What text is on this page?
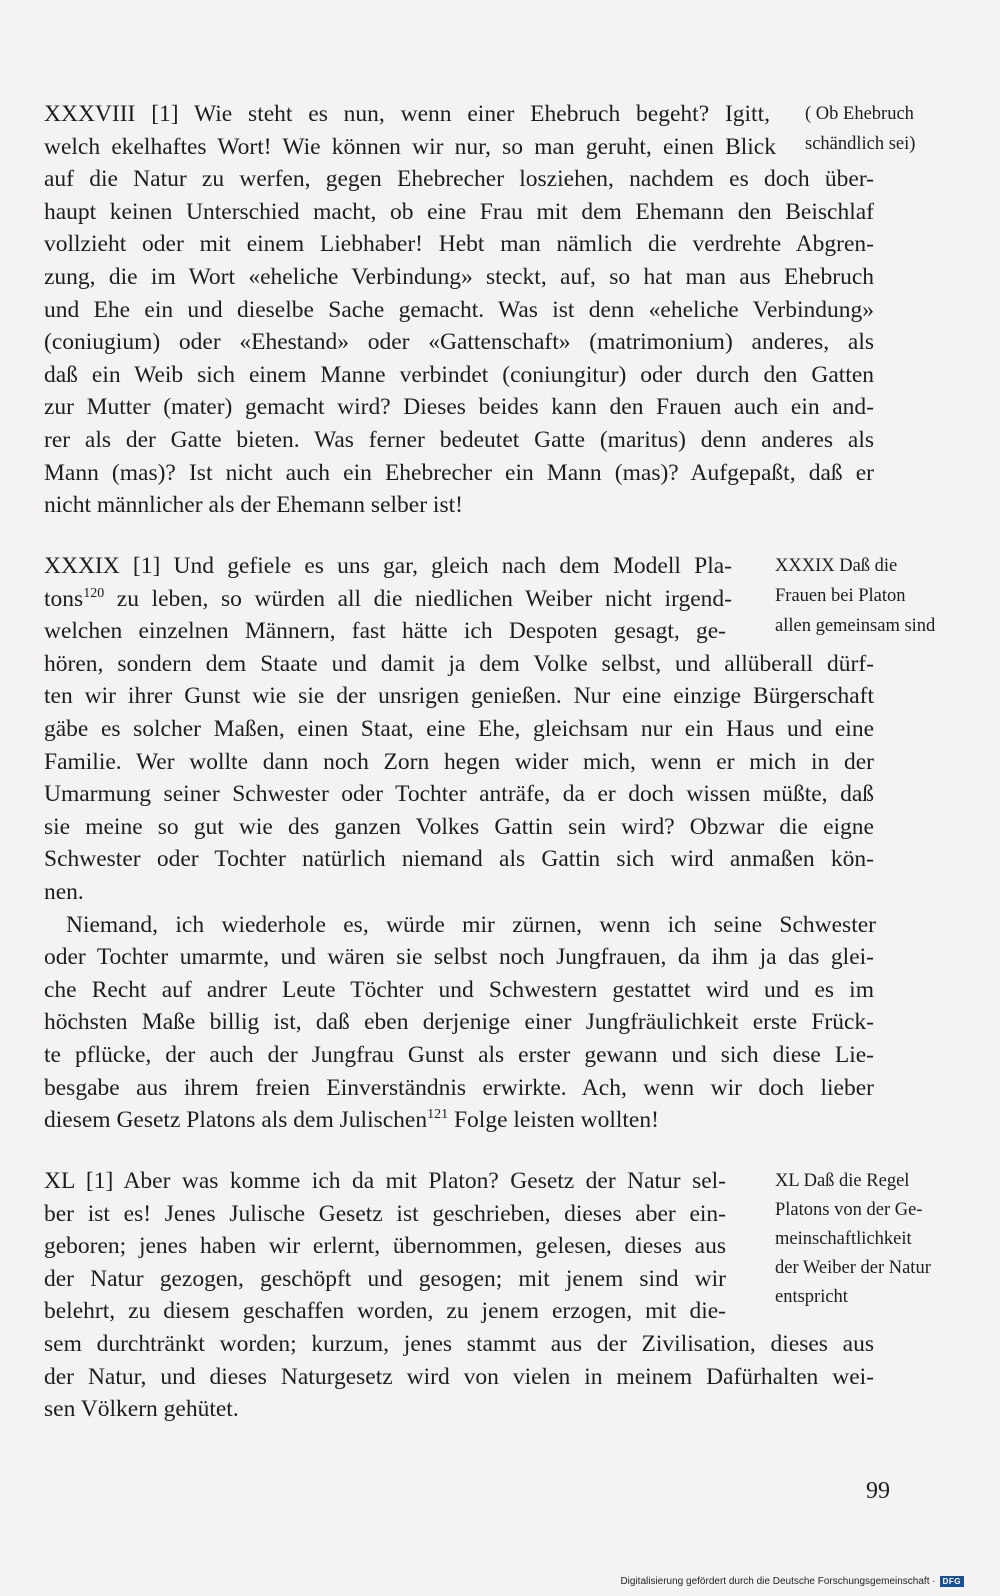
XXXVIII [1] Wie steht es nun, wenn einer Ehebruch begeht? Igitt,
welch ekelhaftes Wort! Wie können wir nur, so man geruht, einen Blick
auf die Natur zu werfen, gegen Ehebrecher losziehen, nachdem es doch über-
haupt keinen Unterschied macht, ob eine Frau mit dem Ehemann den Beischlaf
vollzieht oder mit einem Liebhaber! Hebt man nämlich die verdrehte Abgren-
zung, die im Wort «eheliche Verbindung» steckt, auf, so hat man aus Ehebruch
und Ehe ein und dieselbe Sache gemacht. Was ist denn «eheliche Verbindung»
(coniugium) oder «Ehestand» oder «Gattenschaft» (matrimonium) anderes, als
daß ein Weib sich einem Manne verbindet (coniungitur) oder durch den Gatten
zur Mutter (mater) gemacht wird? Dieses beides kann den Frauen auch ein and-
rer als der Gatte bieten. Was ferner bedeutet Gatte (maritus) denn anderes als
Mann (mas)? Ist nicht auch ein Ehebrecher ein Mann (mas)? Aufgepaßt, daß er
nicht männlicher als der Ehemann selber ist!
XXXIX [1] Und gefiele es uns gar, gleich nach dem Modell Pla-
tons$^{120}$ zu leben, so würden all die niedlichen Weiber nicht irgend-
welchen einzelnen Männern, fast hätte ich Despoten gesagt, ge-
hören, sondern dem Staate und damit ja dem Volke selbst, und allüberall dürf-
ten wir ihrer Gunst wie sie der unsrigen genießen. Nur eine einzige Bürgerschaft
gäbe es solcher Maßen, einen Staat, eine Ehe, gleichsam nur ein Haus und eine
Familie. Wer wollte dann noch Zorn hegen wider mich, wenn er mich in der
Umarmung seiner Schwester oder Tochter anträfe, da er doch wissen müßte, daß
sie meine so gut wie des ganzen Volkes Gattin sein wird? Obzwar die eigne
Schwester oder Tochter natürlich niemand als Gattin sich wird anmaßen kön-
nen.
Niemand, ich wiederhole es, würde mir zürnen, wenn ich seine Schwester
oder Tochter umarmte, und wären sie selbst noch Jungfrauen, da ihm ja das glei-
che Recht auf andrer Leute Töchter und Schwestern gestattet wird und es im
höchsten Maße billig ist, daß eben derjenige einer Jungfräulichkeit erste Frück-
te pflücke, der auch der Jungfrau Gunst als erster gewann und sich diese Lie-
besgabe aus ihrem freien Einverständnis erwirkte. Ach, wenn wir doch lieber
diesem Gesetz Platons als dem Julischen$^{121}$ Folge leisten wollten!
XL [1] Aber was komme ich da mit Platon? Gesetz der Natur sel-
ber ist es! Jenes Julische Gesetz ist geschrieben, dieses aber ein-
geboren; jenes haben wir erlernt, übernommen, gelesen, dieses aus
der Natur gezogen, geschöpft und gesogen; mit jenem sind wir
belehrt, zu diesem geschaffen worden, zu jenem erzogen, mit die-
sem durchtränkt worden; kurzum, jenes stammt aus der Zivilisation, dieses aus
der Natur, und dieses Naturgesetz wird von vielen in meinem Dafürhalten wei-
sen Völkern gehütet.
( Ob Ehebruch
schändlich sei)
XXXIX Daß die
Frauen bei Platon
allen gemeinsam sind
XL Daß die Regel
Platons von der Ge-
meinschaftlichkeit
der Weiber der Natur
entspricht
99
Digitalisierung gefördert durch die Deutsche Forschungsgemeinschaft · DFG
